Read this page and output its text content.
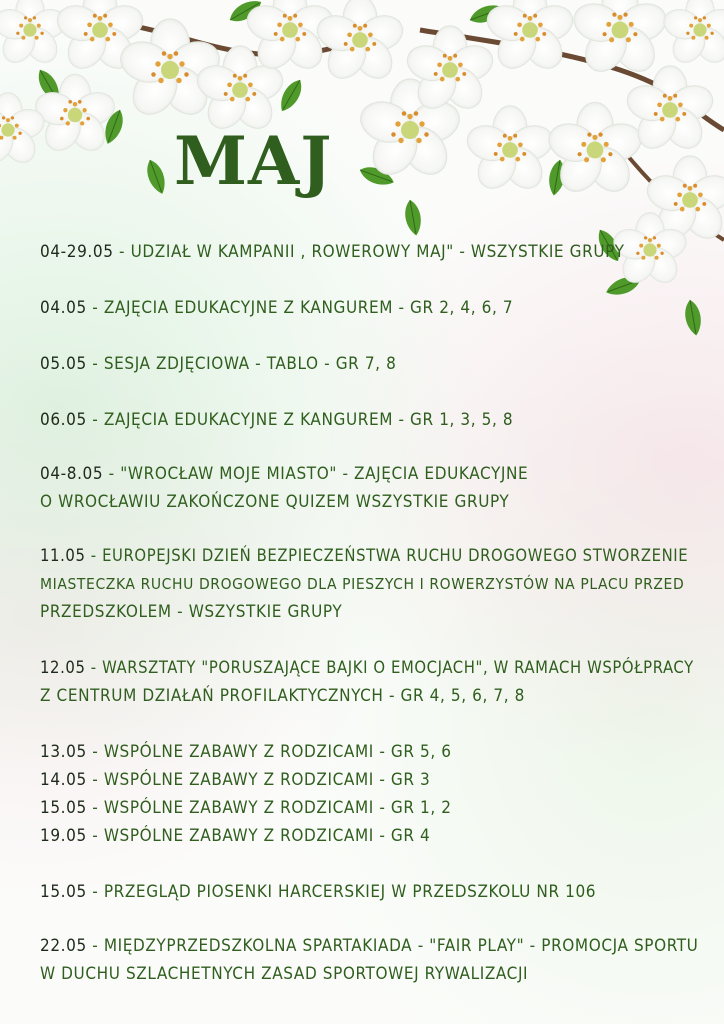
MAJ
04-29.05 - UDZIAŁ W KAMPANII , ROWEROWY MAJ" - WSZYSTKIE GRUPY
04.05 - ZAJĘCIA EDUKACYJNE Z KANGUREM - GR 2, 4, 6, 7
05.05 - SESJA ZDJĘCIOWA - TABLO - GR 7, 8
06.05 - ZAJĘCIA EDUKACYJNE Z KANGUREM - GR 1, 3, 5, 8
04-8.05 - "WROCŁAW MOJE MIASTO" - ZAJĘCIA EDUKACYJNE
O WROCŁAWIU ZAKOŃCZONE QUIZEM WSZYSTKIE GRUPY
11.05 - EUROPEJSKI DZIEŃ BEZPIECZEŃSTWA RUCHU DROGOWEGO STWORZENIE
MIASTECZKA RUCHU DROGOWEGO DLA PIESZYCH I ROWERZYSTÓW NA PLACU PRZED
PRZEDSZKOLEM - WSZYSTKIE GRUPY
12.05 - WARSZTATY "PORUSZAJĄCE BAJKI O EMOCJACH", W RAMACH WSPÓŁPRACY
Z CENTRUM DZIAŁAŃ PROFILAKTYCZNYCH - GR 4, 5, 6, 7, 8
13.05 - WSPÓLNE ZABAWY Z RODZICAMI - GR 5, 6
14.05 - WSPÓLNE ZABAWY Z RODZICAMI - GR 3
15.05 - WSPÓLNE ZABAWY Z RODZICAMI - GR 1, 2
19.05 - WSPÓLNE ZABAWY Z RODZICAMI - GR 4
15.05 - PRZEGLĄD PIOSENKI HARCERSKIEJ W PRZEDSZKOLU NR 106
22.05 - MIĘDZYPRZEDSZKOLNA SPARTAKIADA - "FAIR PLAY" - PROMOCJA SPORTU
W DUCHU SZLACHETNYCH ZASAD SPORTOWEJ RYWALIZACJI
